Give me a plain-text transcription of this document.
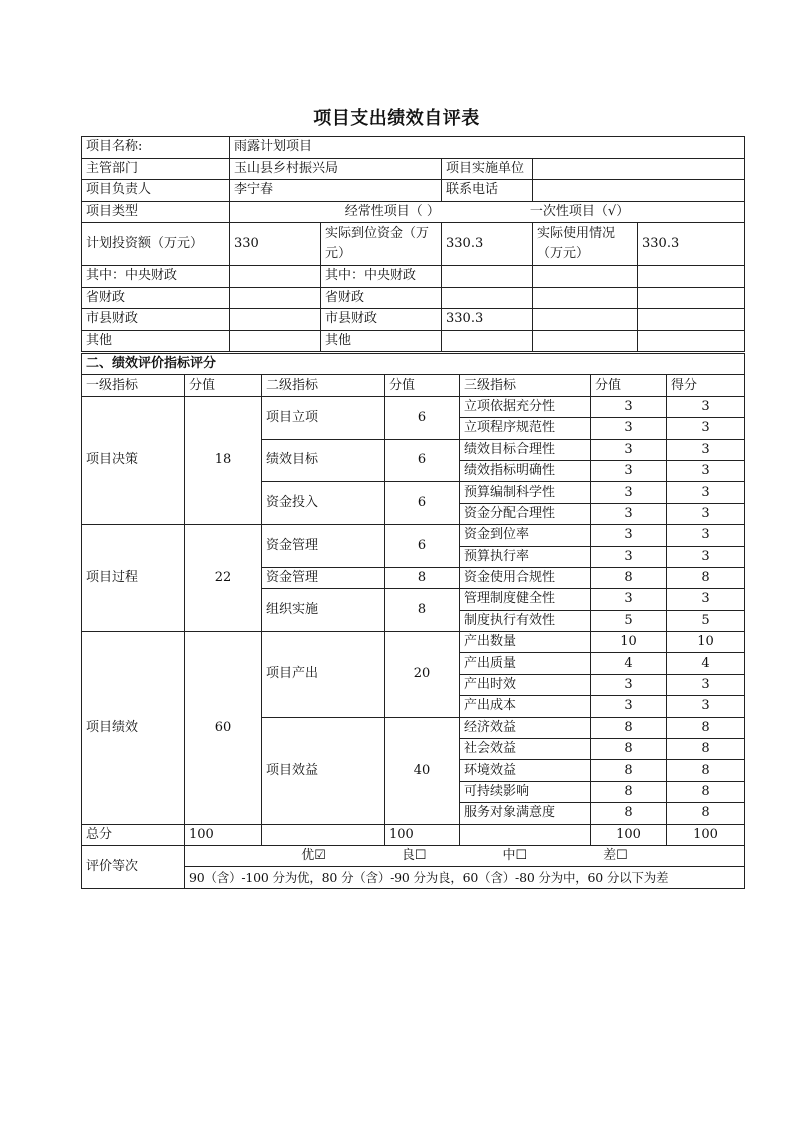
项目支出绩效自评表
项目名称:	雨露计划项目				
主管部门	玉山县乡村振兴局		项目实施单位		
项目负责人	李宁春		联系电话		
项目类型	经常性项目（ ） 一次性项目（√）				
计划投资额（万元）	330	实际到位资金（万元）	330.3	实际使用情况（万元）	330.3
其中：中央财政		其中：中央财政			
省财政		省财政			
市县财政		市县财政	330.3		
其他		其他			
二、绩效评价指标评分						
一级指标	分值	二级指标	分值	三级指标	分值	得分
项目决策	18	项目立项	6	立项依据充分性	3	3
				立项程序规范性	3	3
		绩效目标	6	绩效目标合理性	3	3
				绩效指标明确性	3	3
		资金投入	6	预算编制科学性	3	3
				资金分配合理性	3	3
项目过程	22	资金管理	6	资金到位率	3	3
				预算执行率	3	3
		资金管理	8	资金使用合规性	8	8
		组织实施	8	管理制度健全性	3	3
				制度执行有效性	5	5
项目绩效	60	项目产出	20	产出数量	10	10
				产出质量	4	4
				产出时效	3	3
				产出成本	3	3
		项目效益	40	经济效益	8	8
				社会效益	8	8
				环境效益	8	8
				可持续影响	8	8
				服务对象满意度	8	8
总分	100		100		100	100
评价等次	优☑ 良☐ 中☐ 差☐					
	90（含）-100 分为优，80 分（含）-90 分为良，60（含）-80 分为中，60 分以下为差					
